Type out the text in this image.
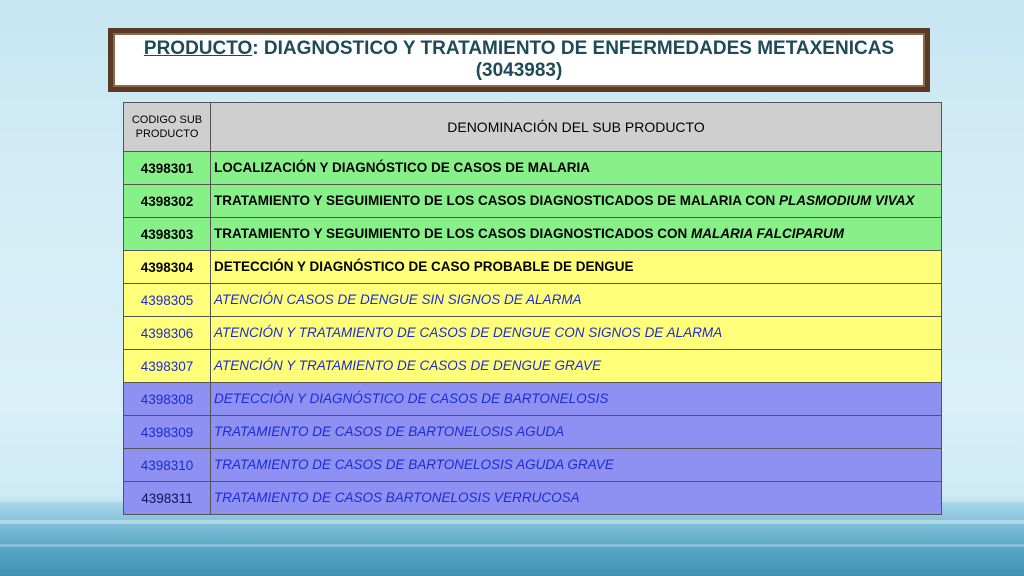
PRODUCTO: DIAGNOSTICO Y TRATAMIENTO DE ENFERMEDADES METAXENICAS
(3043983)
CODIGO SUB PRODUCTO	DENOMINACIÓN DEL SUB PRODUCTO
4398301	LOCALIZACIÓN Y DIAGNÓSTICO DE CASOS DE MALARIA
4398302	TRATAMIENTO Y SEGUIMIENTO DE LOS CASOS DIAGNOSTICADOS DE MALARIA CON PLASMODIUM VIVAX
4398303	TRATAMIENTO Y SEGUIMIENTO DE LOS CASOS DIAGNOSTICADOS CON MALARIA FALCIPARUM
4398304	DETECCIÓN Y DIAGNÓSTICO DE CASO PROBABLE DE DENGUE
4398305	ATENCIÓN CASOS DE DENGUE SIN SIGNOS DE ALARMA
4398306	ATENCIÓN Y TRATAMIENTO DE CASOS DE DENGUE CON SIGNOS DE ALARMA
4398307	ATENCIÓN Y TRATAMIENTO DE CASOS DE DENGUE GRAVE
4398308	DETECCIÓN Y DIAGNÓSTICO DE CASOS DE BARTONELOSIS
4398309	TRATAMIENTO DE CASOS DE BARTONELOSIS AGUDA
4398310	TRATAMIENTO DE CASOS DE BARTONELOSIS AGUDA GRAVE
4398311	TRATAMIENTO DE CASOS BARTONELOSIS VERRUCOSA
